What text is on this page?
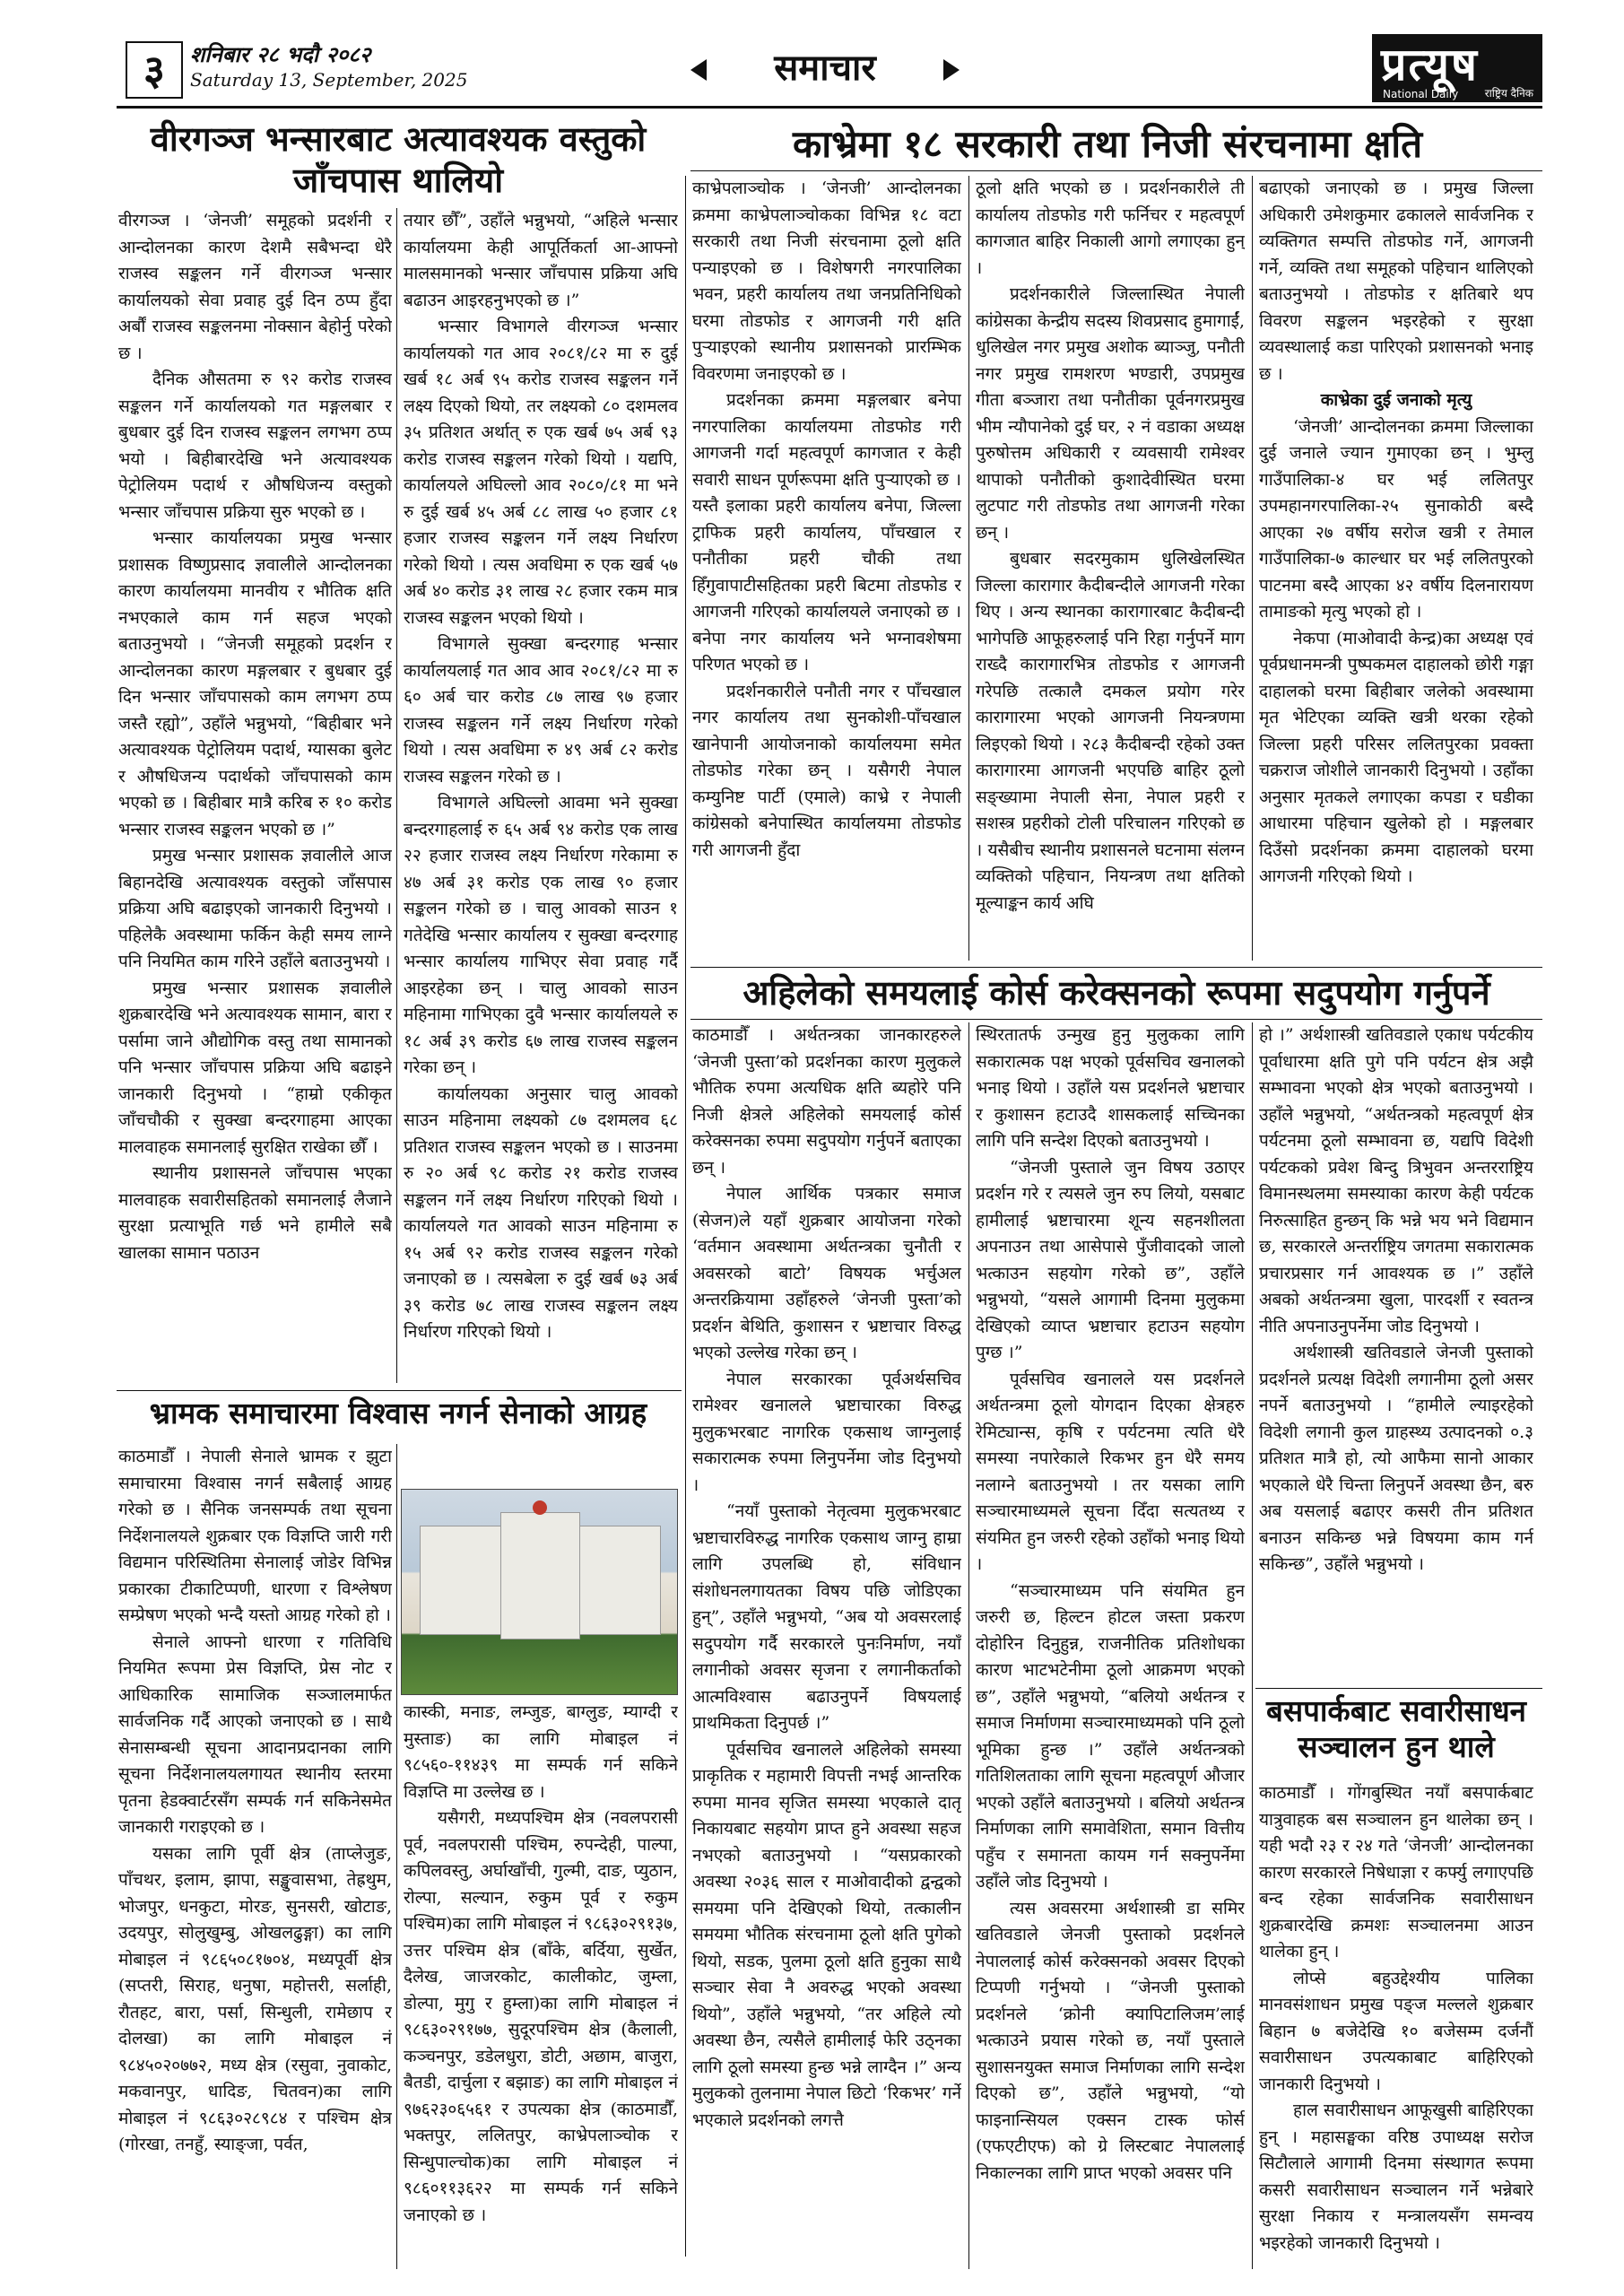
३	शनिबार २८ भदौ २०८२
Saturday 13, September, 2025	समाचार	प्रत्यूष
National Daily राष्ट्रिय दैनिक
वीरगञ्ज भन्सारबाट अत्यावश्यक वस्तुको जाँचपास थालियो
काभ्रेमा १८ सरकारी तथा निजी संरचनामा क्षति

वीरगञ्ज । ‘जेनजी’ समूहको प्रदर्शनी र आन्दोलनका कारण देशमै सबैभन्दा धेरै राजस्व सङ्कलन गर्ने वीरगञ्ज भन्सार कार्यालयको सेवा प्रवाह दुई दिन ठप्प हुँदा अर्बौं राजस्व सङ्कलनमा नोक्सान बेहोर्नु परेको छ ।

दैनिक औसतमा रु ९२ करोड राजस्व सङ्कलन गर्ने कार्यालयको गत मङ्गलबार र बुधबार दुई दिन राजस्व सङ्कलन लगभग ठप्प भयो । बिहीबारदेखि भने अत्यावश्यक पेट्रोलियम पदार्थ र औषधिजन्य वस्तुको भन्सार जाँचपास प्रक्रिया सुरु भएको छ ।

भन्सार कार्यालयका प्रमुख भन्सार प्रशासक विष्णुप्रसाद ज्ञवालीले आन्दोलनका कारण कार्यालयमा मानवीय र भौतिक क्षति नभएकाले काम गर्न सहज भएको बताउनुभयो । “जेनजी समूहको प्रदर्शन र आन्दोलनका कारण मङ्गलबार र बुधबार दुई दिन भन्सार जाँचपासको काम लगभग ठप्प जस्तै रह्यो”, उहाँले भन्नुभयो, “बिहीबार भने अत्यावश्यक पेट्रोलियम पदार्थ, ग्यासका बुलेट र औषधिजन्य पदार्थको जाँचपासको काम भएको छ । बिहीबार मात्रै करिब रु १० करोड भन्सार राजस्व सङ्कलन भएको छ ।”

प्रमुख भन्सार प्रशासक ज्ञवालीले आज बिहानदेखि अत्यावश्यक वस्तुको जाँसपास प्रक्रिया अघि बढाइएको जानकारी दिनुभयो । पहिलेकै अवस्थामा फर्किन केही समय लाग्ने पनि नियमित काम गरिने उहाँले बताउनुभयो ।

प्रमुख भन्सार प्रशासक ज्ञवालीले शुक्रबारदेखि भने अत्यावश्यक सामान, बारा र पर्सामा जाने औद्योगिक वस्तु तथा सामानको पनि भन्सार जाँचपास प्रक्रिया अघि बढाइने जानकारी दिनुभयो । “हाम्रो एकीकृत जाँचचौकी र सुक्खा बन्दरगाहमा आएका मालवाहक समानलाई सुरक्षित राखेका छौँ ।

स्थानीय प्रशासनले जाँचपास भएका मालवाहक सवारीसहितको समानलाई लैजाने सुरक्षा प्रत्याभूति गर्छ भने हामीले सबै खालका सामान पठाउन

तयार छौँ”, उहाँले भन्नुभयो, “अहिले भन्सार कार्यालयमा केही आपूर्तिकर्ता आ-आफ्नो मालसमानको भन्सार जाँचपास प्रक्रिया अघि बढाउन आइरहनुभएको छ ।”

भन्सार विभागले वीरगञ्ज भन्सार कार्यालयको गत आव २०८१/८२ मा रु दुई खर्ब १८ अर्ब ९५ करोड राजस्व सङ्कलन गर्ने लक्ष्य दिएको थियो, तर लक्ष्यको ८० दशमलव ३५ प्रतिशत अर्थात् रु एक खर्ब ७५ अर्ब ९३ करोड राजस्व सङ्कलन गरेको थियो । यद्यपि, कार्यालयले अघिल्लो आव २०८०/८१ मा भने रु दुई खर्ब ४५ अर्ब ८८ लाख ५० हजार ८१ हजार राजस्व सङ्कलन गर्ने लक्ष्य निर्धारण गरेको थियो । त्यस अवधिमा रु एक खर्ब ५७ अर्ब ४० करोड ३१ लाख २८ हजार रकम मात्र राजस्व सङ्कलन भएको थियो ।

विभागले सुक्खा बन्दरगाह भन्सार कार्यालयलाई गत आव आव २०८१/८२ मा रु ६० अर्ब चार करोड ८७ लाख ९७ हजार राजस्व सङ्कलन गर्ने लक्ष्य निर्धारण गरेको थियो । त्यस अवधिमा रु ४९ अर्ब ८२ करोड राजस्व सङ्कलन गरेको छ ।

विभागले अघिल्लो आवमा भने सुक्खा बन्दरगाहलाई रु ६५ अर्ब ९४ करोड एक लाख २२ हजार राजस्व लक्ष्य निर्धारण गरेकामा रु ४७ अर्ब ३१ करोड एक लाख ९० हजार सङ्कलन गरेको छ । चालु आवको साउन १ गतेदेखि भन्सार कार्यालय र सुक्खा बन्दरगाह भन्सार कार्यालय गाभिएर सेवा प्रवाह गर्दै आइरहेका छन् । चालु आवको साउन महिनामा गाभिएका दुवै भन्सार कार्यालयले रु १८ अर्ब ३९ करोड ६७ लाख राजस्व सङ्कलन गरेका छन् ।

कार्यालयका अनुसार चालु आवको साउन महिनामा लक्ष्यको ८७ दशमलव ६८ प्रतिशत राजस्व सङ्कलन भएको छ । साउनमा रु २० अर्ब ९८ करोड २१ करोड राजस्व सङ्कलन गर्ने लक्ष्य निर्धारण गरिएको थियो । कार्यालयले गत आवको साउन महिनामा रु १५ अर्ब ९२ करोड राजस्व सङ्कलन गरेको जनाएको छ । त्यसबेला रु दुई खर्ब ७३ अर्ब ३९ करोड ७८ लाख राजस्व सङ्कलन लक्ष्य निर्धारण गरिएको थियो ।

भ्रामक समाचारमा विश्वास नगर्न सेनाको आग्रह

काठमाडौँ । नेपाली सेनाले भ्रामक र झुटा समाचारमा विश्वास नगर्न सबैलाई आग्रह गरेको छ । सैनिक जनसम्पर्क तथा सूचना निर्देशनालयले शुक्रबार एक विज्ञप्ति जारी गरी विद्यमान परिस्थितिमा सेनालाई जोडेर विभिन्न प्रकारका टीकाटिप्पणी, धारणा र विश्लेषण सम्प्रेषण भएको भन्दै यस्तो आग्रह गरेको हो ।

सेनाले आफ्नो धारणा र गतिविधि नियमित रूपमा प्रेस विज्ञप्ति, प्रेस नोट र आधिकारिक सामाजिक सञ्जालमार्फत सार्वजनिक गर्दै आएको जनाएको छ । साथै सेनासम्बन्धी सूचना आदानप्रदानका लागि सूचना निर्देशनालयलगायत स्थानीय स्तरमा पृतना हेडक्वार्टरसँग सम्पर्क गर्न सकिनेसमेत जानकारी गराइएको छ ।

यसका लागि पूर्वी क्षेत्र (ताप्लेजुङ, पाँचथर, इलाम, झापा, सङ्खुवासभा, तेह्रथुम, भोजपुर, धनकुटा, मोरङ, सुनसरी, खोटाङ, उदयपुर, सोलुखुम्बु, ओखलढुङ्गा) का लागि मोबाइल नं ९८६५०८१७०४, मध्यपूर्वी क्षेत्र (सप्तरी, सिराह, धनुषा, महोत्तरी, सर्लाही, रौतहट, बारा, पर्सा, सिन्धुली, रामेछाप र दोलखा) का लागि मोबाइल नं ९८४५०२०७७२, मध्य क्षेत्र (रसुवा, नुवाकोट, मकवानपुर, धादिङ, चितवन)का लागि मोबाइल नं ९८६३०२८९८४ र पश्चिम क्षेत्र (गोरखा, तनहुँ, स्याङ्जा, पर्वत,

कास्की, मनाङ, लम्जुङ, बाग्लुङ, म्याग्दी र मुस्ताङ) का लागि मोबाइल नं ९८५६०-११४३९ मा सम्पर्क गर्न सकिने विज्ञप्ति मा उल्लेख छ ।

यसैगरी, मध्यपश्चिम क्षेत्र (नवलपरासी पूर्व, नवलपरासी पश्चिम, रुपन्देही, पाल्पा, कपिलवस्तु, अर्घाखाँची, गुल्मी, दाङ, प्युठान, रोल्पा, सल्यान, रुकुम पूर्व र रुकुम पश्चिम)का लागि मोबाइल नं ९८६३०२९१३७, उत्तर पश्चिम क्षेत्र (बाँके, बर्दिया, सुर्खेत, दैलेख, जाजरकोट, कालीकोट, जुम्ला, डोल्पा, मुगु र हुम्ला)का लागि मोबाइल नं ९८६३०२९१७७, सुदूरपश्चिम क्षेत्र (कैलाली, कञ्चनपुर, डडेलधुरा, डोटी, अछाम, बाजुरा, बैतडी, दार्चुला र बझाङ) का लागि मोबाइल नं ९७६२३०६५६१ र उपत्यका क्षेत्र (काठमाडौँ, भक्तपुर, ललितपुर, काभ्रेपलाञ्चोक र सिन्धुपाल्चोक)का लागि मोबाइल नं ९८६०११३६२२ मा सम्पर्क गर्न सकिने जनाएको छ ।

काभ्रेपलाञ्चोक । ‘जेनजी’ आन्दोलनका क्रममा काभ्रेपलाञ्चोकका विभिन्न १८ वटा सरकारी तथा निजी संरचनामा ठूलो क्षति पन्याइएको छ । विशेषगरी नगरपालिका भवन, प्रहरी कार्यालय तथा जनप्रतिनिधिको घरमा तोडफोड र आगजनी गरी क्षति पुऱ्याइएको स्थानीय प्रशासनको प्रारम्भिक विवरणमा जनाइएको छ ।

प्रदर्शनका क्रममा मङ्गलबार बनेपा नगरपालिका कार्यालयमा तोडफोड गरी आगजनी गर्दा महत्वपूर्ण कागजात र केही सवारी साधन पूर्णरूपमा क्षति पुऱ्याएको छ । यस्तै इलाका प्रहरी कार्यालय बनेपा, जिल्ला ट्राफिक प्रहरी कार्यालय, पाँचखाल र पनौतीका प्रहरी चौकी तथा हिँगुवापाटीसहितका प्रहरी बिटमा तोडफोड र आगजनी गरिएको कार्यालयले जनाएको छ । बनेपा नगर कार्यालय भने भग्नावशेषमा परिणत भएको छ ।

प्रदर्शनकारीले पनौती नगर र पाँचखाल नगर कार्यालय तथा सुनकोशी-पाँचखाल खानेपानी आयोजनाको कार्यालयमा समेत तोडफोड गरेका छन् । यसैगरी नेपाल कम्युनिष्ट पार्टी (एमाले) काभ्रे र नेपाली कांग्रेसको बनेपास्थित कार्यालयमा तोडफोड गरी आगजनी हुँदा

ठूलो क्षति भएको छ । प्रदर्शनकारीले ती कार्यालय तोडफोड गरी फर्निचर र महत्वपूर्ण कागजात बाहिर निकाली आगो लगाएका हुन् ।

प्रदर्शनकारीले जिल्लास्थित नेपाली कांग्रेसका केन्द्रीय सदस्य शिवप्रसाद हुमागाईं, धुलिखेल नगर प्रमुख अशोक ब्याञ्जु, पनौती नगर प्रमुख रामशरण भण्डारी, उपप्रमुख गीता बञ्जारा तथा पनौतीका पूर्वनगरप्रमुख भीम न्यौपानेको दुई घर, २ नं वडाका अध्यक्ष पुरुषोत्तम अधिकारी र व्यवसायी रामेश्वर थापाको पनौतीको कुशादेवीस्थित घरमा लुटपाट गरी तोडफोड तथा आगजनी गरेका छन् ।

बुधबार सदरमुकाम धुलिखेलस्थित जिल्ला कारागार कैदीबन्दीले आगजनी गरेका थिए । अन्य स्थानका कारागारबाट कैदीबन्दी भागेपछि आफूहरुलाई पनि रिहा गर्नुपर्ने माग राख्दै कारागारभित्र तोडफोड र आगजनी गरेपछि तत्कालै दमकल प्रयोग गरेर कारागारमा भएको आगजनी नियन्त्रणमा लिइएको थियो । २८३ कैदीबन्दी रहेको उक्त कारागारमा आगजनी भएपछि बाहिर ठूलो सङ्ख्यामा नेपाली सेना, नेपाल प्रहरी र सशस्त्र प्रहरीको टोली परिचालन गरिएको छ । यसैबीच स्थानीय प्रशासनले घटनामा संलग्न व्यक्तिको पहिचान, नियन्त्रण तथा क्षतिको मूल्याङ्कन कार्य अघि

बढाएको जनाएको छ । प्रमुख जिल्ला अधिकारी उमेशकुमार ढकालले सार्वजनिक र व्यक्तिगत सम्पत्ति तोडफोड गर्ने, आगजनी गर्ने, व्यक्ति तथा समूहको पहिचान थालिएको बताउनुभयो । तोडफोड र क्षतिबारे थप विवरण सङ्कलन भइरहेको र सुरक्षा व्यवस्थालाई कडा पारिएको प्रशासनको भनाइ छ ।

काभ्रेका दुई जनाको मृत्यु

‘जेनजी’ आन्दोलनका क्रममा जिल्लाका दुई जनाले ज्यान गुमाएका छन् । भुम्लु गाउँपालिका-४ घर भई ललितपुर उपमहानगरपालिका-२५ सुनाकोठी बस्दै आएका २७ वर्षीय सरोज खत्री र तेमाल गाउँपालिका-७ काल्धार घर भई ललितपुरको पाटनमा बस्दै आएका ४२ वर्षीय दिलनारायण तामाङको मृत्यु भएको हो ।

नेकपा (माओवादी केन्द्र)का अध्यक्ष एवं पूर्वप्रधानमन्त्री पुष्पकमल दाहालको छोरी गङ्गा दाहालको घरमा बिहीबार जलेको अवस्थामा मृत भेटिएका व्यक्ति खत्री थरका रहेको जिल्ला प्रहरी परिसर ललितपुरका प्रवक्ता चक्रराज जोशीले जानकारी दिनुभयो । उहाँका अनुसार मृतकले लगाएका कपडा र घडीका आधारमा पहिचान खुलेको हो । मङ्गलबार दिउँसो प्रदर्शनका क्रममा दाहालको घरमा आगजनी गरिएको थियो ।

अहिलेको समयलाई कोर्स करेक्सनको रूपमा सदुपयोग गर्नुपर्ने

काठमाडौँ । अर्थतन्त्रका जानकारहरुले ‘जेनजी पुस्ता’को प्रदर्शनका कारण मुलुकले भौतिक रुपमा अत्यधिक क्षति ब्यहोरे पनि निजी क्षेत्रले अहिलेको समयलाई कोर्स करेक्सनका रुपमा सदुपयोग गर्नुपर्ने बताएका छन् ।

नेपाल आर्थिक पत्रकार समाज (सेजन)ले यहाँ शुक्रबार आयोजना गरेको ‘वर्तमान अवस्थामा अर्थतन्त्रका चुनौती र अवसरको बाटो’ विषयक भर्चुअल अन्तरक्रियामा उहाँहरुले ‘जेनजी पुस्ता’को प्रदर्शन बेथिति, कुशासन र भ्रष्टाचार विरुद्ध भएको उल्लेख गरेका छन् ।

नेपाल सरकारका पूर्वअर्थसचिव रामेश्वर खनालले भ्रष्टाचारका विरुद्ध मुलुकभरबाट नागरिक एकसाथ जाग्नुलाई सकारात्मक रुपमा लिनुपर्नेमा जोड दिनुभयो ।

“नयाँ पुस्ताको नेतृत्वमा मुलुकभरबाट भ्रष्टाचारविरुद्ध नागरिक एकसाथ जाग्नु हाम्रा लागि उपलब्धि हो, संविधान संशोधनलगायतका विषय पछि जोडिएका हुन्”, उहाँले भन्नुभयो, “अब यो अवसरलाई सदुपयोग गर्दै सरकारले पुनःनिर्माण, नयाँ लगानीको अवसर सृजना र लगानीकर्ताको आत्मविश्वास बढाउनुपर्ने विषयलाई प्राथमिकता दिनुपर्छ ।”

पूर्वसचिव खनालले अहिलेको समस्या प्राकृतिक र महामारी विपत्ती नभई आन्तरिक रुपमा मानव सृजित समस्या भएकाले दातृ निकायबाट सहयोग प्राप्त हुने अवस्था सहज नभएको बताउनुभयो । “यसप्रकारको अवस्था २०३६ साल र माओवादीको द्वन्द्वको समयमा पनि देखिएको थियो, तत्कालीन समयमा भौतिक संरचनामा ठूलो क्षति पुगेको थियो, सडक, पुलमा ठूलो क्षति हुनुका साथै सञ्चार सेवा नै अवरुद्ध भएको अवस्था थियो”, उहाँले भन्नुभयो, “तर अहिले त्यो अवस्था छैन, त्यसैले हामीलाई फेरि उठ्नका लागि ठूलो समस्या हुन्छ भन्ने लाग्दैन ।” अन्य मुलुकको तुलनामा नेपाल छिटो ‘रिकभर’ गर्ने भएकाले प्रदर्शनको लगत्तै

स्थिरतातर्फ उन्मुख हुनु मुलुकका लागि सकारात्मक पक्ष भएको पूर्वसचिव खनालको भनाइ थियो । उहाँले यस प्रदर्शनले भ्रष्टाचार र कुशासन हटाउदै शासकलाई सच्चिनका लागि पनि सन्देश दिएको बताउनुभयो ।

“जेनजी पुस्ताले जुन विषय उठाएर प्रदर्शन गरे र त्यसले जुन रुप लियो, यसबाट हामीलाई भ्रष्टाचारमा शून्य सहनशीलता अपनाउन तथा आसेपासे पुँजीवादको जालो भत्काउन सहयोग गरेको छ”, उहाँले भन्नुभयो, “यसले आगामी दिनमा मुलुकमा देखिएको व्याप्त भ्रष्टाचार हटाउन सहयोग पुग्छ ।”

पूर्वसचिव खनालले यस प्रदर्शनले अर्थतन्त्रमा ठूलो योगदान दिएका क्षेत्रहरु रेमिट्यान्स, कृषि र पर्यटनमा त्यति धेरै समस्या नपारेकाले रिकभर हुन धेरै समय नलाग्ने बताउनुभयो । तर यसका लागि सञ्चारमाध्यमले सूचना दिँदा सत्यतथ्य र संयमित हुन जरुरी रहेको उहाँको भनाइ थियो ।

“सञ्चारमाध्यम पनि संयमित हुन जरुरी छ, हिल्टन होटल जस्ता प्रकरण दोहोरिन दिनुहुन्न, राजनीतिक प्रतिशोधका कारण भाटभटेनीमा ठूलो आक्रमण भएको छ”, उहाँले भन्नुभयो, “बलियो अर्थतन्त्र र समाज निर्माणमा सञ्चारमाध्यमको पनि ठूलो भूमिका हुन्छ ।” उहाँले अर्थतन्त्रको गतिशिलताका लागि सूचना महत्वपूर्ण औजार भएको उहाँले बताउनुभयो । बलियो अर्थतन्त्र निर्माणका लागि समावेशिता, समान वित्तीय पहुँच र समानता कायम गर्न सक्नुपर्नेमा उहाँले जोड दिनुभयो ।

त्यस अवसरमा अर्थशास्त्री डा समिर खतिवडाले जेनजी पुस्ताको प्रदर्शनले नेपाललाई कोर्स करेक्सनको अवसर दिएको टिप्पणी गर्नुभयो । “जेनजी पुस्ताको प्रदर्शनले ‘क्रोनी क्यापिटालिजम’लाई भत्काउने प्रयास गरेको छ, नयाँ पुस्ताले सुशासनयुक्त समाज निर्माणका लागि सन्देश दिएको छ”, उहाँले भन्नुभयो, “यो फाइनान्सियल एक्सन टास्क फोर्स (एफएटीएफ) को ग्रे लिस्टबाट नेपाललाई निकाल्नका लागि प्राप्त भएको अवसर पनि

हो ।” अर्थशास्त्री खतिवडाले एकाध पर्यटकीय पूर्वाधारमा क्षति पुगे पनि पर्यटन क्षेत्र अझै सम्भावना भएको क्षेत्र भएको बताउनुभयो । उहाँले भन्नुभयो, “अर्थतन्त्रको महत्वपूर्ण क्षेत्र पर्यटनमा ठूलो सम्भावना छ, यद्यपि विदेशी पर्यटकको प्रवेश बिन्दु त्रिभुवन अन्तरराष्ट्रिय विमानस्थलमा समस्याका कारण केही पर्यटक निरुत्साहित हुन्छन् कि भन्ने भय भने विद्यमान छ, सरकारले अन्तर्राष्ट्रिय जगतमा सकारात्मक प्रचारप्रसार गर्न आवश्यक छ ।” उहाँले अबको अर्थतन्त्रमा खुला, पारदर्शी र स्वतन्त्र नीति अपनाउनुपर्नेमा जोड दिनुभयो ।

अर्थशास्त्री खतिवडाले जेनजी पुस्ताको प्रदर्शनले प्रत्यक्ष विदेशी लगानीमा ठूलो असर नपर्ने बताउनुभयो । “हामीले ल्याइरहेको विदेशी लगानी कुल ग्राहस्थ्य उत्पादनको ०.३ प्रतिशत मात्रै हो, त्यो आफैमा सानो आकार भएकाले धेरै चिन्ता लिनुपर्ने अवस्था छैन, बरु अब यसलाई बढाएर कसरी तीन प्रतिशत बनाउन सकिन्छ भन्ने विषयमा काम गर्न सकिन्छ”, उहाँले भन्नुभयो ।

बसपार्कबाट सवारीसाधन सञ्चालन हुन थाले

काठमाडौँ । गोंगबुस्थित नयाँ बसपार्कबाट यात्रुवाहक बस सञ्चालन हुन थालेका छन् । यही भदौ २३ र २४ गते ‘जेनजी’ आन्दोलनका कारण सरकारले निषेधाज्ञा र कर्फ्यु लगाएपछि बन्द रहेका सार्वजनिक सवारीसाधन शुक्रबारदेखि क्रमशः सञ्चालनमा आउन थालेका हुन् ।

लोप्से बहुउद्देश्यीय पालिका मानवसंशाधन प्रमुख पङ्ज मल्लले शुक्रबार बिहान ७ बजेदेखि १० बजेसम्म दर्जनौं सवारीसाधन उपत्यकाबाट बाहिरिएको जानकारी दिनुभयो ।

हाल सवारीसाधन आफूखुसी बाहिरिएका हुन् । महासङ्घका वरिष्ठ उपाध्यक्ष सरोज सिटौलाले आगामी दिनमा संस्थागत रूपमा कसरी सवारीसाधन सञ्चालन गर्ने भन्नेबारे सुरक्षा निकाय र मन्त्रालयसँग समन्वय भइरहेको जानकारी दिनुभयो ।
